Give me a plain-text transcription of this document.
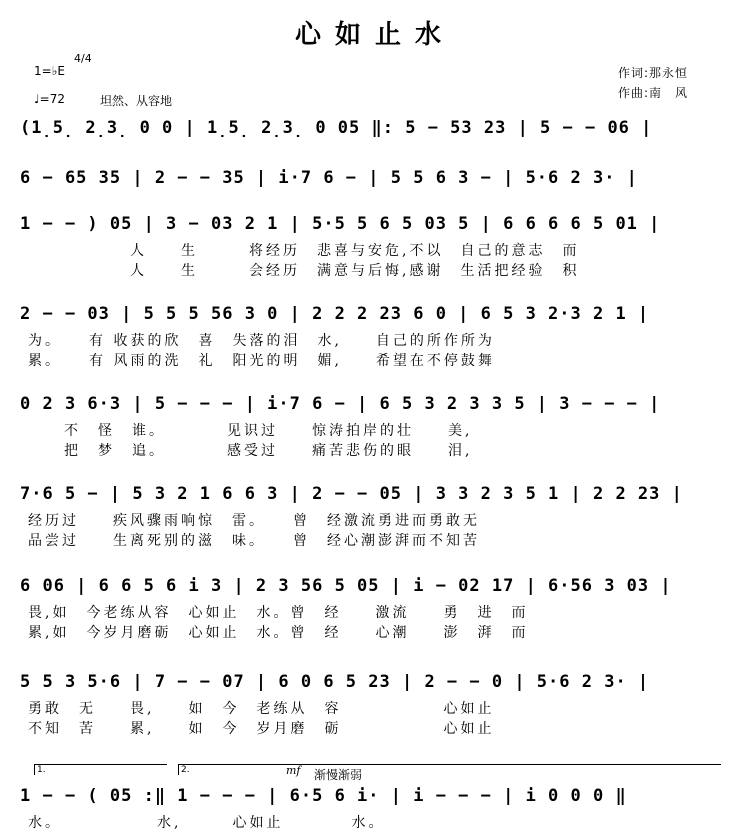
心如止水
1=♭E
4/4
♩=72	坦然、从容地
作词:那永恒
作曲:南　风
(1̣5̣ 2̣3̣ 0 0 | 1̣5̣ 2̣3̣ 0 05 ‖: 5 − 53 23 | 5 − − 06 |
6 − 65 35 | 2 − − 35 | i·7 6 − | 5 5 6 3 − | 5·6 2 3· |
1 − − ) 05 | 3 − 03 2 1 | 5·5 5 6 5 03 5 | 6 6 6 6 5 01 |
人　　生　　　将经历　悲喜与安危,不以　自己的意志　而
人　　生　　　会经历　满意与后悔,感谢　生活把经验　积
2 − − 03 | 5 5 5 56 3 0 | 2 2 2 23 6 0 | 6 5 3 2·3 2 1 |
为。　　有 收获的欣　喜　失落的泪　水,　　自己的所作所为
累。　　有 风雨的洗　礼　阳光的明　媚,　　希望在不停鼓舞
0 2 3 6·3 | 5 − − − | i·7 6 − | 6 5 3 2 3 3 5 | 3 − − − |
不　怪　谁。　　　　见识过　　惊涛拍岸的壮　　美,
把　梦　追。　　　　感受过　　痛苦悲伤的眼　　泪,
7·6 5 − | 5 3 2 1 6 6 3 | 2 − − 05 | 3 3 2 3 5 1 | 2 2 23 |
经历过　　疾风骤雨响惊　雷。　　曾　经激流勇进而勇敢无
品尝过　　生离死别的滋　味。　　曾　经心潮澎湃而不知苦
6 06 | 6 6 5 6 i 3 | 2 3 56 5 05 | i − 02 17 | 6·56 3 03 |
畏,如　今老练从容　心如止　水。曾　经　　激流　　勇　进　而
累,如　今岁月磨砺　心如止　水。曾　经　　心潮　　澎　湃　而
5 5 3 5·6 | 7 − − 07 | 6 0 6 5 23 | 2 − − 0 | 5·6 2 3· |
勇敢　无　　畏,　　如　今　老练从　容　　　　　　心如止
不知　苦　　累,　　如　今　岁月磨　砺　　　　　　心如止
1 − − ( 05 :‖ 1 − − − | 6·5 6 i· | i − − − | i 0 0 0 ‖
水。　　　　　　水,　　　心如止　　　　水。
1.	2.	mf 渐慢渐弱
